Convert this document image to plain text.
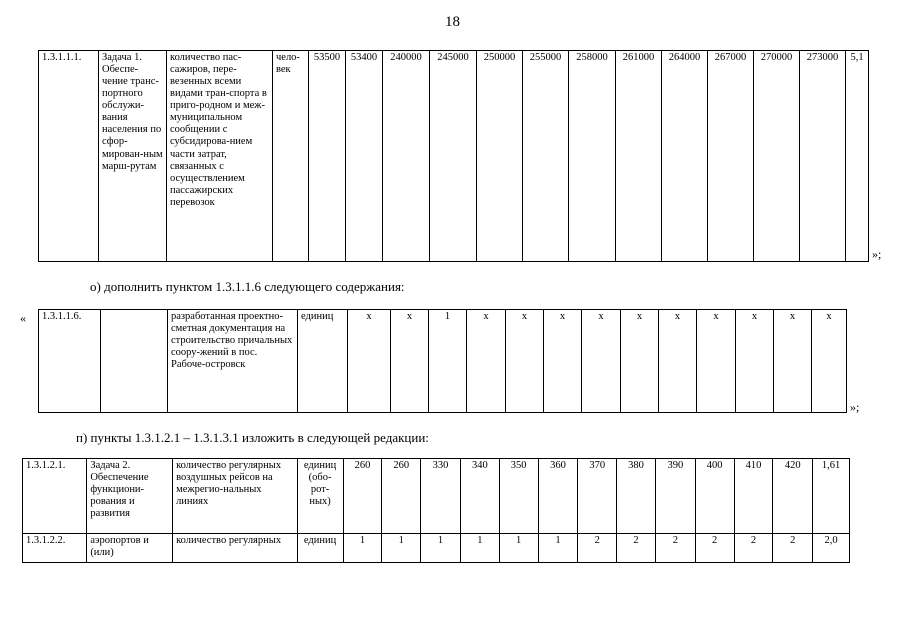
18
1.3.1.1.1.	Задача 1. Обеспе-чение транс-портного обслужи-вания населения по сфор-мирован-ным марш-рутам	количество пас-сажиров, пере-везенных всеми видами тран-спорта в приго-родном и меж-муниципальном сообщении с субсидирова-нием части затрат, связанных с осуществлением пассажирских перевозок	чело-век	53500	53400	240000	245000	250000	255000	258000	261000	264000	267000	270000	273000	5,1
»;
о) дополнить пунктом 1.3.1.1.6 следующего содержания:
« 1.3.1.1.6.		разработанная проектно-сметная документация на строительство причальных соору-жений в пос. Рабоче-островск	единиц	x	x	1	x	x	x	x	x	x	x	x	x	x
»;
п) пункты 1.3.1.2.1 – 1.3.1.3.1 изложить в следующей редакции:
1.3.1.2.1.	Задача 2. Обеспечение функциони-рования и развития	количество регулярных воздушных рейсов на межрегио-нальных линиях	единиц (обо-рот-ных)	260	260	330	340	350	360	370	380	390	400	410	420	1,61
1.3.1.2.2.	аэропортов и (или)	количество регулярных	единиц	1	1	1	1	1	1	2	2	2	2	2	2	2,0
